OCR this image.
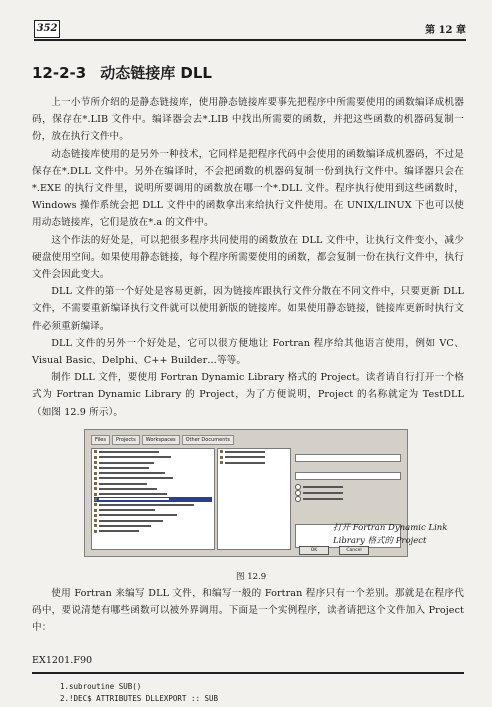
352	第 12 章
12-2-3 动态链接库 DLL

上一小节所介绍的是静态链接库，使用静态链接库要事先把程序中所需要使用的函数编译成机器码，保存在*.LIB 文件中。编译器会去*.LIB 中找出所需要的函数，并把这些函数的机器码复制一份，放在执行文件中。

动态链接库使用的是另外一种技术，它同样是把程序代码中会使用的函数编译成机器码，不过是保存在*.DLL 文件中。另外在编译时，不会把函数的机器码复制一份到执行文件中。编译器只会在*.EXE 的执行文件里，说明所要调用的函数放在哪一个*.DLL 文件。程序执行使用到这些函数时，Windows 操作系统会把 DLL 文件中的函数拿出来给执行文件使用。在 UNIX/LINUX 下也可以使用动态链接库，它们是放在*.a 的文件中。

这个作法的好处是，可以把很多程序共同使用的函数放在 DLL 文件中，让执行文件变小，减少硬盘使用空间。如果使用静态链接，每个程序所需要使用的函数，都会复制一份在执行文件中，执行文件会因此变大。

DLL 文件的第一个好处是容易更新，因为链接库跟执行文件分散在不同文件中，只要更新 DLL 文件，不需要重新编译执行文件就可以使用新版的链接库。如果使用静态链接，链接库更新时执行文件必须重新编译。

DLL 文件的另外一个好处是，它可以很方便地让 Fortran 程序给其他语言使用，例如 VC、Visual Basic、Delphi、C++ Builder…等等。

制作 DLL 文件，要使用 Fortran Dynamic Library 格式的 Project。读者请自行打开一个格式为 Fortran Dynamic Library 的 Project，为了方便说明，Project 的名称就定为 TestDLL（如图 12.9 所示）。

Files	Projects	Workspaces	Other Documents
OK	Cancel
打开 Fortran Dynamic Link Library 格式的 Project
图 12.9

使用 Fortran 来编写 DLL 文件，和编写一般的 Fortran 程序只有一个差别。那就是在程序代码中，要说清楚有哪些函数可以被外界调用。下面是一个实例程序，读者请把这个文件加入 Project 中：

EX1201.F90
1.subroutine SUB()
2.!DEC$ ATTRIBUTES DLLEXPORT :: SUB
